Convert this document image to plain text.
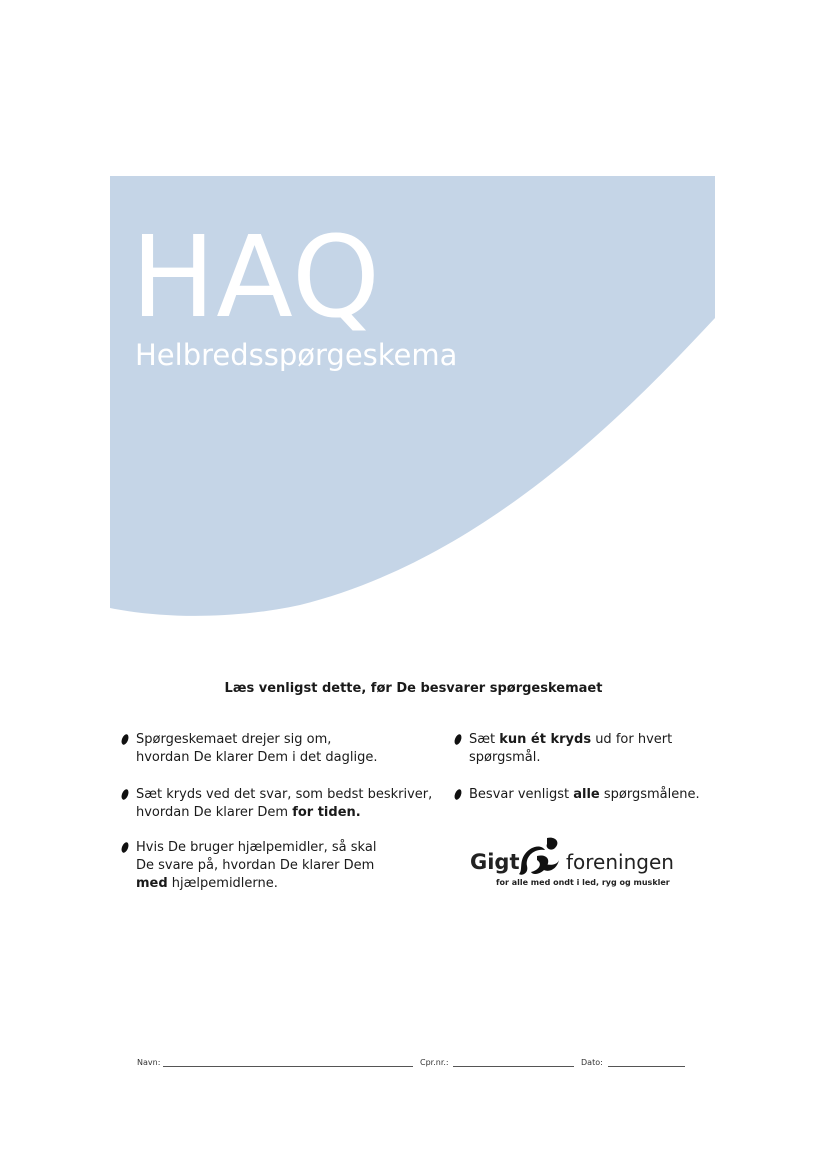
HAQ
Helbredsspørgeskema
Læs venligst dette, før De besvarer spørgeskemaet
Spørgeskemaet drejer sig om,
hvordan De klarer Dem i det daglige.
Sæt kryds ved det svar, som bedst beskriver,
hvordan De klarer Dem for tiden.
Hvis De bruger hjælpemidler, så skal
De svare på, hvordan De klarer Dem
med hjælpemidlerne.
Sæt kun ét kryds ud for hvert
spørgsmål.
Besvar venligst alle spørgsmålene.
Gigt foreningen
for alle med ondt i led, ryg og muskler
Navn:	Cpr.nr.:	Dato:
